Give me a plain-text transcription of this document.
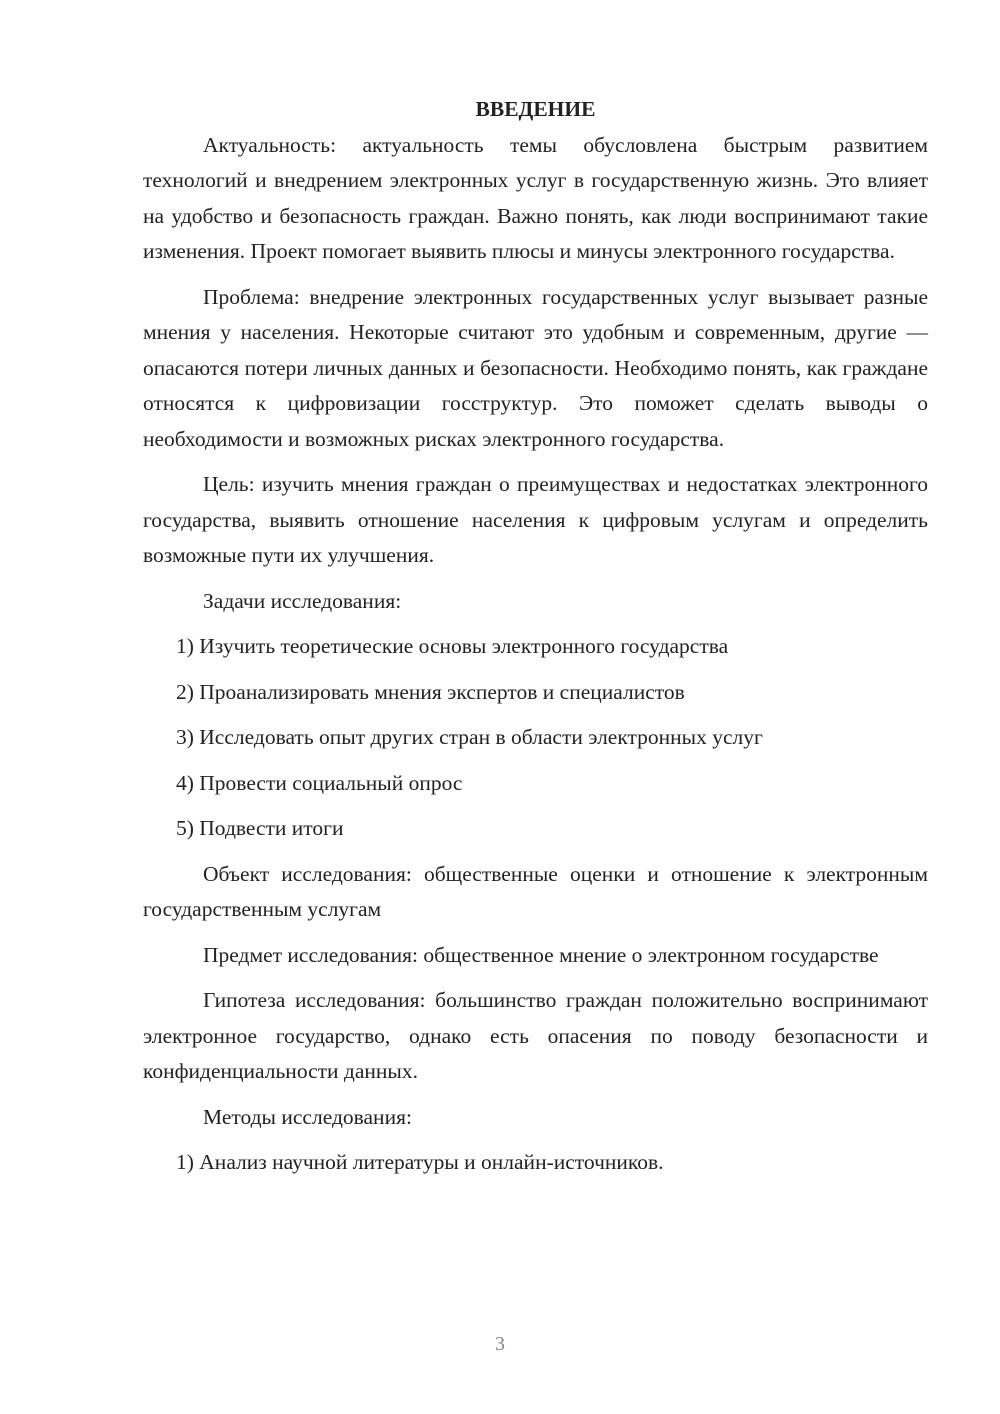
ВВЕДЕНИЕ

Актуальность: актуальность темы обусловлена быстрым развитием технологий и внедрением электронных услуг в государственную жизнь. Это влияет на удобство и безопасность граждан. Важно понять, как люди воспринимают такие изменения. Проект помогает выявить плюсы и минусы электронного государства.

Проблема: внедрение электронных государственных услуг вызывает разные мнения у населения. Некоторые считают это удобным и современным, другие — опасаются потери личных данных и безопасности. Необходимо понять, как граждане относятся к цифровизации госструктур. Это поможет сделать выводы о необходимости и возможных рисках электронного государства.

Цель: изучить мнения граждан о преимуществах и недостатках электронного государства, выявить отношение населения к цифровым услугам и определить возможные пути их улучшения.

Задачи исследования:

1) Изучить теоретические основы электронного государства

2) Проанализировать мнения экспертов и специалистов

3) Исследовать опыт других стран в области электронных услуг

4) Провести социальный опрос

5) Подвести итоги

Объект исследования: общественные оценки и отношение к электронным государственным услугам

Предмет исследования: общественное мнение о электронном государстве

Гипотеза исследования: большинство граждан положительно воспринимают электронное государство, однако есть опасения по поводу безопасности и конфиденциальности данных.

Методы исследования:

1) Анализ научной литературы и онлайн-источников.

3
